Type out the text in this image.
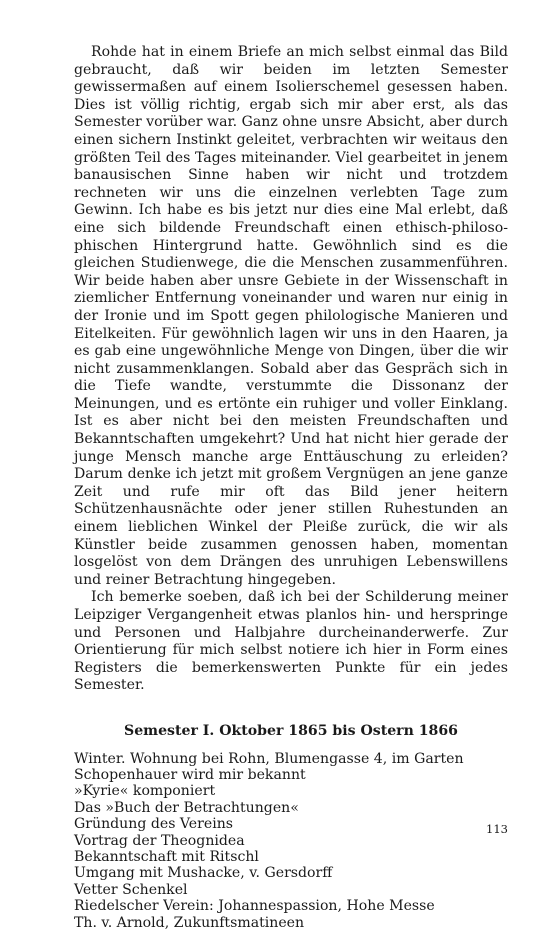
Rohde hat in einem Briefe an mich selbst einmal das Bild gebraucht, daß wir beiden im letzten Semester gewissermaßen auf einem Isolierschemel gesessen haben. Dies ist völlig richtig, ergab sich mir aber erst, als das Semester vorüber war. Ganz ohne unsre Absicht, aber durch einen sichern Instinkt geleitet, verbrachten wir weitaus den größten Teil des Tages miteinander. Viel gearbeitet in jenem banausischen Sinne haben wir nicht und trotzdem rechneten wir uns die einzelnen verlebten Tage zum Gewinn. Ich habe es bis jetzt nur dies eine Mal erlebt, daß eine sich bildende Freundschaft einen ethisch-philosophischen Hintergrund hatte. Gewöhnlich sind es die gleichen Studienwege, die die Menschen zusammenführen. Wir beide haben aber unsre Gebiete in der Wissenschaft in ziemlicher Entfernung voneinander und waren nur einig in der Ironie und im Spott gegen philologische Manieren und Eitelkeiten. Für gewöhnlich lagen wir uns in den Haaren, ja es gab eine ungewöhnliche Menge von Dingen, über die wir nicht zusammenklangen. Sobald aber das Gespräch sich in die Tiefe wandte, verstummte die Dissonanz der Meinungen, und es ertönte ein ruhiger und voller Einklang. Ist es aber nicht bei den meisten Freundschaften und Bekanntschaften umgekehrt? Und hat nicht hier gerade der junge Mensch manche arge Enttäuschung zu erleiden? Darum denke ich jetzt mit großem Vergnügen an jene ganze Zeit und rufe mir oft das Bild jener heitern Schützenhausnächte oder jener stillen Ruhestunden an einem lieblichen Winkel der Pleiße zurück, die wir als Künstler beide zusammen genossen haben, momentan losgelöst von dem Drängen des unruhigen Lebenswillens und reiner Betrachtung hingegeben.

Ich bemerke soeben, daß ich bei der Schilderung meiner Leipziger Vergangenheit etwas planlos hin- und herspringe und Personen und Halbjahre durcheinanderwerfe. Zur Orientierung für mich selbst notiere ich hier in Form eines Registers die bemerkenswerten Punkte für ein jedes Semester.

Semester I. Oktober 1865 bis Ostern 1866
Winter. Wohnung bei Rohn, Blumengasse 4, im Garten
Schopenhauer wird mir bekannt
»Kyrie« komponiert
Das »Buch der Betrachtungen«
Gründung des Vereins
Vortrag der Theognidea
Bekanntschaft mit Ritschl
Umgang mit Mushacke, v. Gersdorff
Vetter Schenkel
Riedelscher Verein: Johannespassion, Hohe Messe
Th. v. Arnold, Zukunftsmatineen
113
